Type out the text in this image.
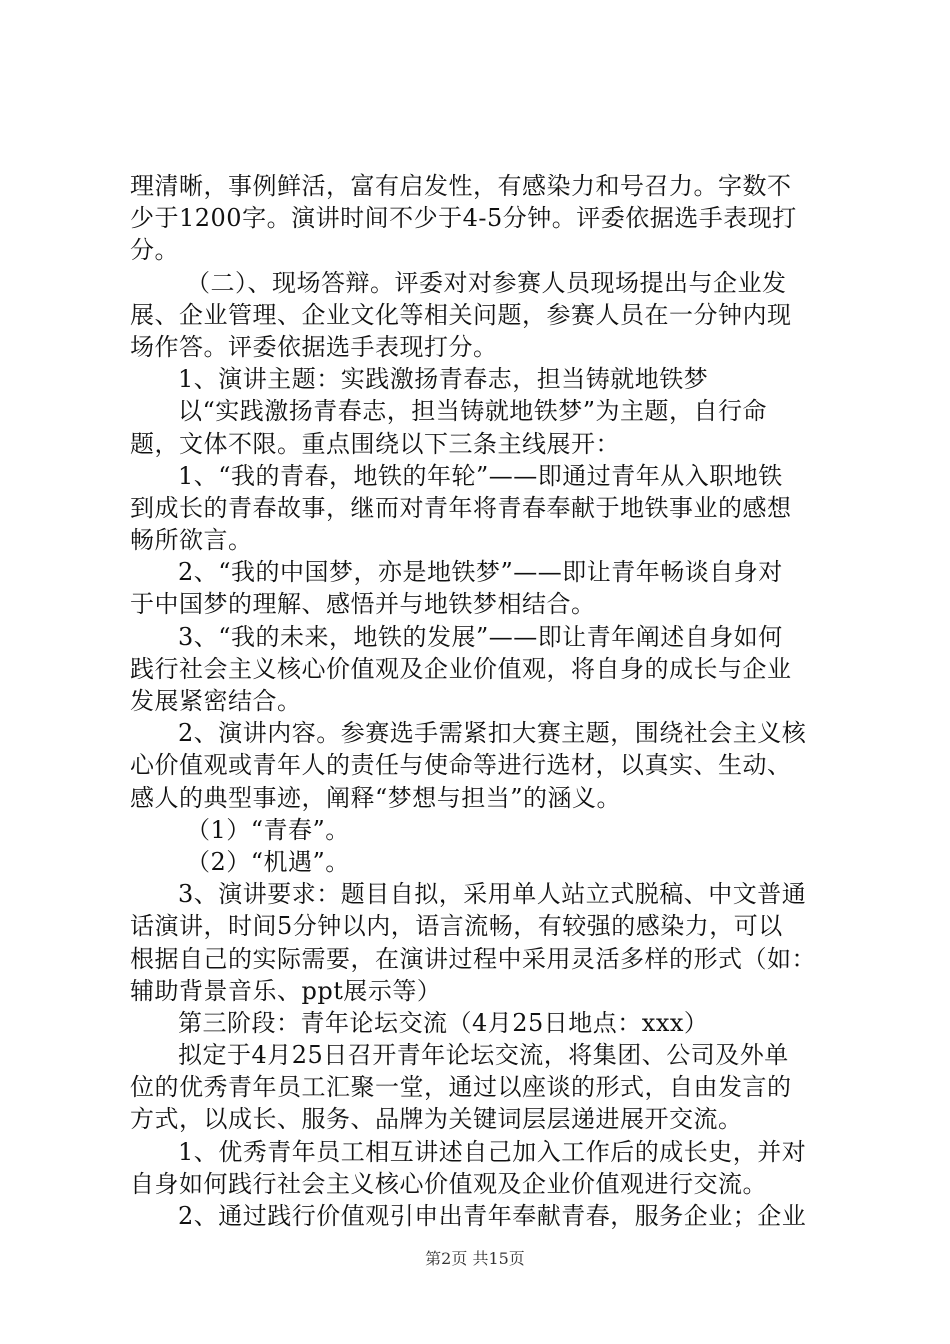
理清晰，事例鲜活，富有启发性，有感染力和号召力。字数不
少于1200字。演讲时间不少于4-5分钟。评委依据选手表现打
分。
（二）、现场答辩。评委对对参赛人员现场提出与企业发
展、企业管理、企业文化等相关问题，参赛人员在一分钟内现
场作答。评委依据选手表现打分。
1、演讲主题：实践激扬青春志，担当铸就地铁梦
以“实践激扬青春志，担当铸就地铁梦”为主题，自行命
题，文体不限。重点围绕以下三条主线展开：
1、“我的青春，地铁的年轮”——即通过青年从入职地铁
到成长的青春故事，继而对青年将青春奉献于地铁事业的感想
畅所欲言。
2、“我的中国梦，亦是地铁梦”——即让青年畅谈自身对
于中国梦的理解、感悟并与地铁梦相结合。
3、“我的未来，地铁的发展”——即让青年阐述自身如何
践行社会主义核心价值观及企业价值观，将自身的成长与企业
发展紧密结合。
2、演讲内容。参赛选手需紧扣大赛主题，围绕社会主义核
心价值观或青年人的责任与使命等进行选材，以真实、生动、
感人的典型事迹，阐释“梦想与担当”的涵义。
（1）“青春”。
（2）“机遇”。
3、演讲要求：题目自拟，采用单人站立式脱稿、中文普通
话演讲，时间5分钟以内，语言流畅，有较强的感染力，可以
根据自己的实际需要，在演讲过程中采用灵活多样的形式（如：
辅助背景音乐、ppt展示等）
第三阶段：青年论坛交流（4月25日地点：xxx）
拟定于4月25日召开青年论坛交流，将集团、公司及外单
位的优秀青年员工汇聚一堂，通过以座谈的形式，自由发言的
方式，以成长、服务、品牌为关键词层层递进展开交流。
1、优秀青年员工相互讲述自己加入工作后的成长史，并对
自身如何践行社会主义核心价值观及企业价值观进行交流。
2、通过践行价值观引申出青年奉献青春，服务企业；企业
第2页 共15页
